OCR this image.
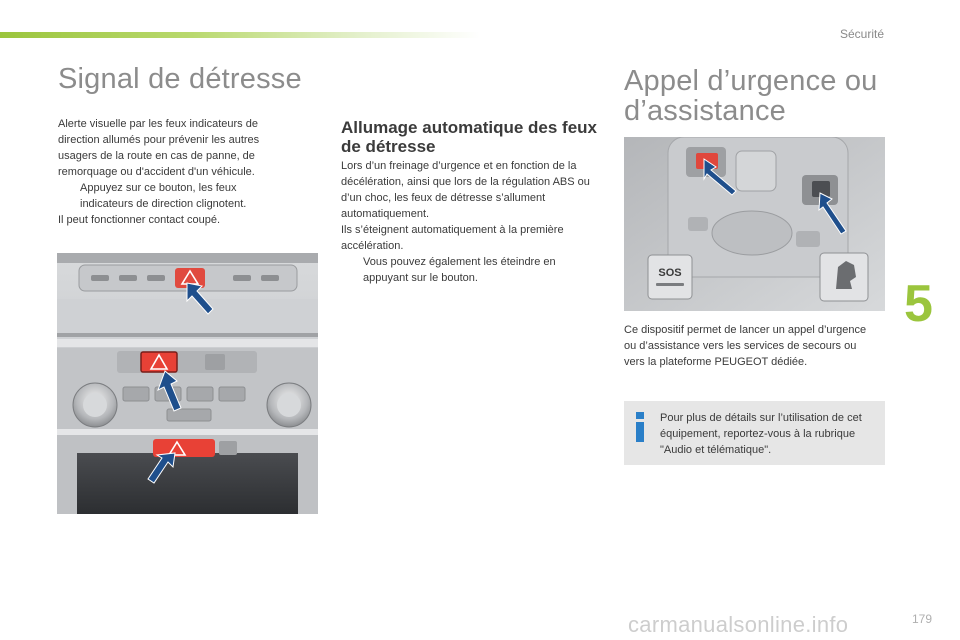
Sécurité
Signal de détresse

Alerte visuelle par les feux indicateurs de direction allumés pour prévenir les autres usagers de la route en cas de panne, de remorquage ou d'accident d'un véhicule.

Appuyez sur ce bouton, les feux indicateurs de direction clignotent.

Il peut fonctionner contact coupé.

Allumage automatique des feux de détresse

Lors d’un freinage d’urgence et en fonction de la décélération, ainsi que lors de la régulation ABS ou d’un choc, les feux de détresse s’allument automatiquement.

Ils s’éteignent automatiquement à la première accélération.

Vous pouvez également les éteindre en appuyant sur le bouton.
Appel d’urgence ou d’assistance
SOS
Ce dispositif permet de lancer un appel d’urgence ou d’assistance vers les services de secours ou vers la plateforme PEUGEOT dédiée.
Pour plus de détails sur l’utilisation de cet équipement, reportez-vous à la rubrique "Audio et télématique".
5
179
carmanualsonline.info
